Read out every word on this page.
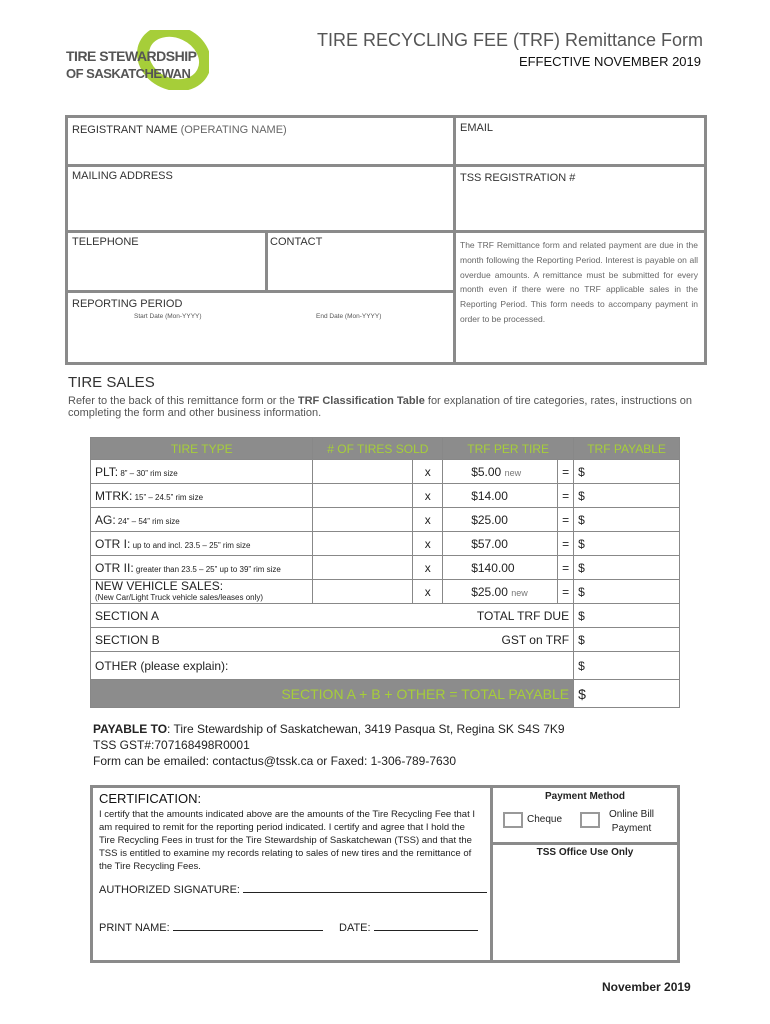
TIRE STEWARDSHIP
OF SASKATCHEWAN
TIRE RECYCLING FEE (TRF) Remittance Form
EFFECTIVE NOVEMBER 2019
REGISTRANT NAME (OPERATING NAME)	EMAIL
MAILING ADDRESS	TSS REGISTRATION #
TELEPHONE	CONTACT
REPORTING PERIOD
Start Date (Mon-YYYY)	End Date (Mon-YYYY)
The TRF Remittance form and related payment are due in the month following the Reporting Period. Interest is payable on all overdue amounts. A remittance must be submitted for every month even if there were no TRF applicable sales in the Reporting Period. This form needs to accompany payment in order to be processed.
TIRE SALES
Refer to the back of this remittance form or the TRF Classification Table for explanation of tire categories, rates, instructions on completing the form and other business information.
TIRE TYPE	# OF TIRES SOLD		TRF PER TIRE		TRF PAYABLE
PLT: 8” – 30” rim size		x	$5.00 new	=	$
MTRK: 15” – 24.5” rim size		x	$14.00	=	$
AG: 24” – 54” rim size		x	$25.00	=	$
OTR I: up to and incl. 23.5 – 25” rim size		x	$57.00	=	$
OTR II: greater than 23.5 – 25” up to 39” rim size		x	$140.00	=	$

NEW VEHICLE SALES:
(New Car/Light Truck vehicle sales/leases only)		x	$25.00 new	=	$
SECTION A		TOTAL TRF DUE			$
SECTION B		GST on TRF			$
OTHER (please explain):					$
SECTION A + B + OTHER = TOTAL PAYABLE					$
PAYABLE TO: Tire Stewardship of Saskatchewan, 3419 Pasqua St, Regina SK S4S 7K9
TSS GST#:707168498R0001
Form can be emailed: contactus@tssk.ca or Faxed: 1-306-789-7630
CERTIFICATION:
I certify that the amounts indicated above are the amounts of the Tire Recycling Fee that I am required to remit for the reporting period indicated. I certify and agree that I hold the Tire Recycling Fees in trust for the Tire Stewardship of Saskatchewan (TSS) and that the TSS is entitled to examine my records relating to sales of new tires and the remittance of the Tire Recycling Fees.
AUTHORIZED SIGNATURE:
PRINT NAME:	DATE:
Payment Method
Cheque	Online Bill
Payment
TSS Office Use Only
November 2019
